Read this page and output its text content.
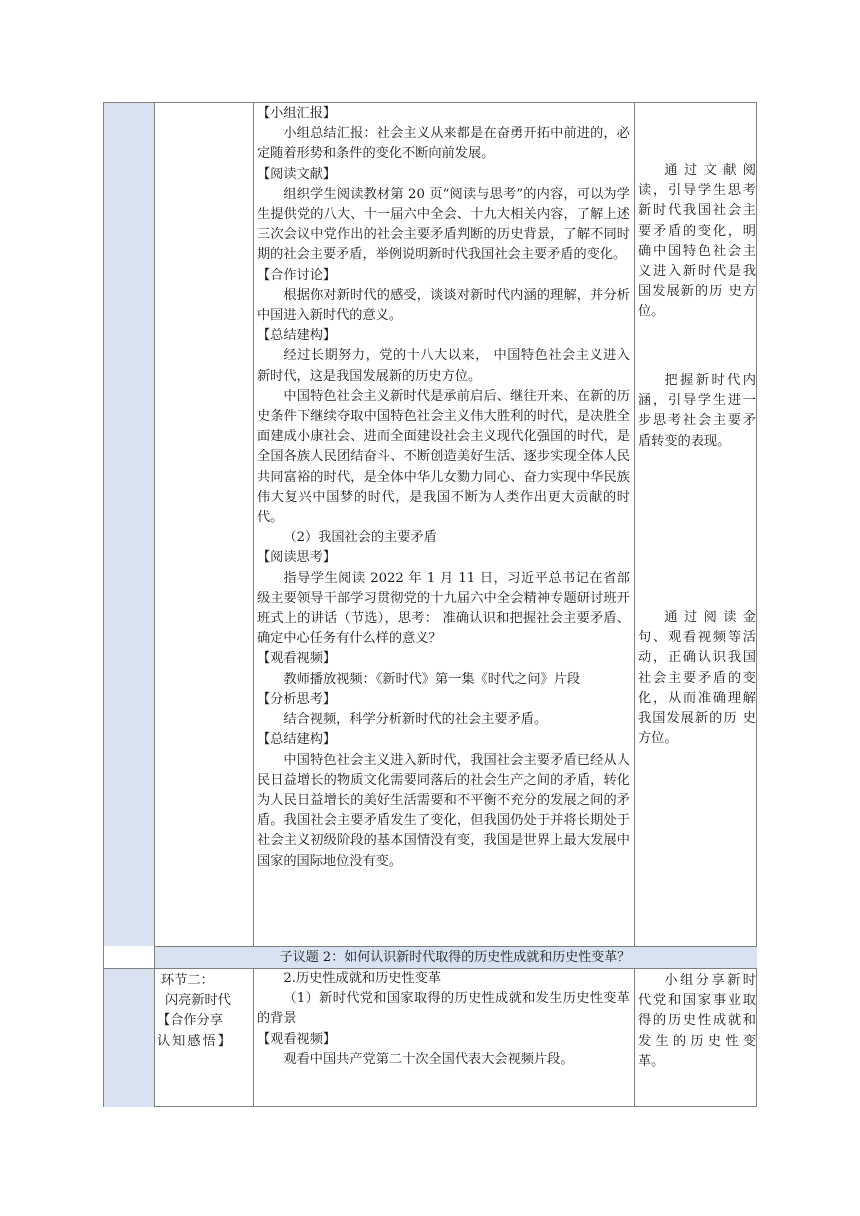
【小组汇报】

小组总结汇报：社会主义从来都是在奋勇开拓中前进的，必定随着形势和条件的变化不断向前发展。

【阅读文献】

组织学生阅读教材第 20 页“阅读与思考”的内容，可以为学生提供党的八大、十一届六中全会、十九大相关内容，了解上述三次会议中党作出的社会主要矛盾判断的历史背景，了解不同时期的社会主要矛盾，举例说明新时代我国社会主要矛盾的变化。

【合作讨论】

根据你对新时代的感受，谈谈对新时代内涵的理解，并分析中国进入新时代的意义。

【总结建构】

经过长期努力，党的十八大以来， 中国特色社会主义进入新时代，这是我国发展新的历史方位。

中国特色社会主义新时代是承前启后、继往开来、在新的历史条件下继续夺取中国特色社会主义伟大胜利的时代，是决胜全面建成小康社会、进而全面建设社会主义现代化强国的时代，是全国各族人民团结奋斗、不断创造美好生活、逐步实现全体人民共同富裕的时代，是全体中华儿女勠力同心、奋力实现中华民族伟大复兴中国梦的时代，是我国不断为人类作出更大贡献的时代。

（2）我国社会的主要矛盾

【阅读思考】

指导学生阅读 2022 年 1 月 11 日，习近平总书记在省部级主要领导干部学习贯彻党的十九届六中全会精神专题研讨班开班式上的讲话（节选），思考： 准确认识和把握社会主要矛盾、确定中心任务有什么样的意义？

【观看视频】

教师播放视频：《新时代》第一集《时代之问》片段

【分析思考】

结合视频，科学分析新时代的社会主要矛盾。

【总结建构】

中国特色社会主义进入新时代，我国社会主要矛盾已经从人民日益增长的物质文化需要同落后的社会生产之间的矛盾，转化为人民日益增长的美好生活需要和不平衡不充分的发展之间的矛盾。我国社会主要矛盾发生了变化，但我国仍处于并将长期处于社会主义初级阶段的基本国情没有变，我国是世界上最大发展中国家的国际地位没有变。

通过文献阅读，引导学生思考新时代我国社会主要矛盾的变化，明确中国特色社会主义进入新时代是我国发展新的历 史方位。

把握新时代内涵，引导学生进一步思考社会主要矛盾转变的表现。

通过阅读金句、观看视频等活动，正确认识我国社会主要矛盾的变化，从而准确理解我国发展新的历 史方位。

子议题 2：如何认识新时代取得的历史性成就和历史性变革？

环节二：

闪亮新时代

【合作分享

认知感悟】

2.历史性成就和历史性变革

（1）新时代党和国家取得的历史性成就和发生历史性变革的背景

【观看视频】

观看中国共产党第二十次全国代表大会视频片段。

小组分享新时代党和国家事业取得的历史性成就和发生的历史性变革。
